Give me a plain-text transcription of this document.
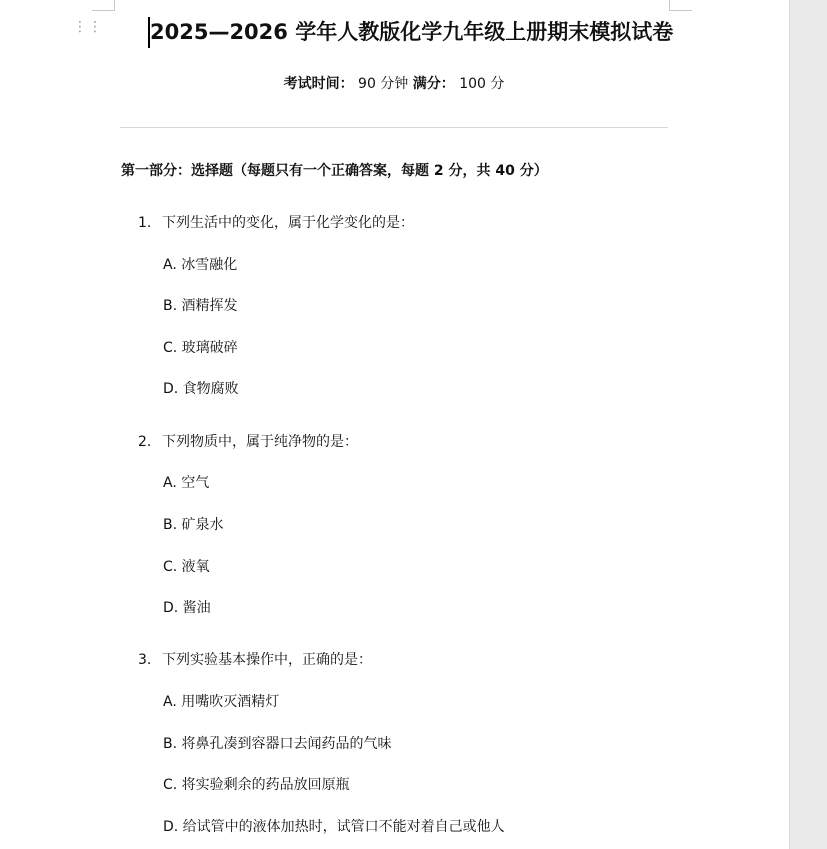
⋮⋮ 2025—2026 学年人教版化学九年级上册期末模拟试卷
考试时间： 90 分钟 满分： 100 分
第一部分：选择题（每题只有一个正确答案，每题 2 分，共 40 分）
1. 下列生活中的变化，属于化学变化的是：
A. 冰雪融化
B. 酒精挥发
C. 玻璃破碎
D. 食物腐败
2. 下列物质中，属于纯净物的是：
A. 空气
B. 矿泉水
C. 液氧
D. 酱油
3. 下列实验基本操作中，正确的是：
A. 用嘴吹灭酒精灯
B. 将鼻孔凑到容器口去闻药品的气味
C. 将实验剩余的药品放回原瓶
D. 给试管中的液体加热时，试管口不能对着自己或他人
